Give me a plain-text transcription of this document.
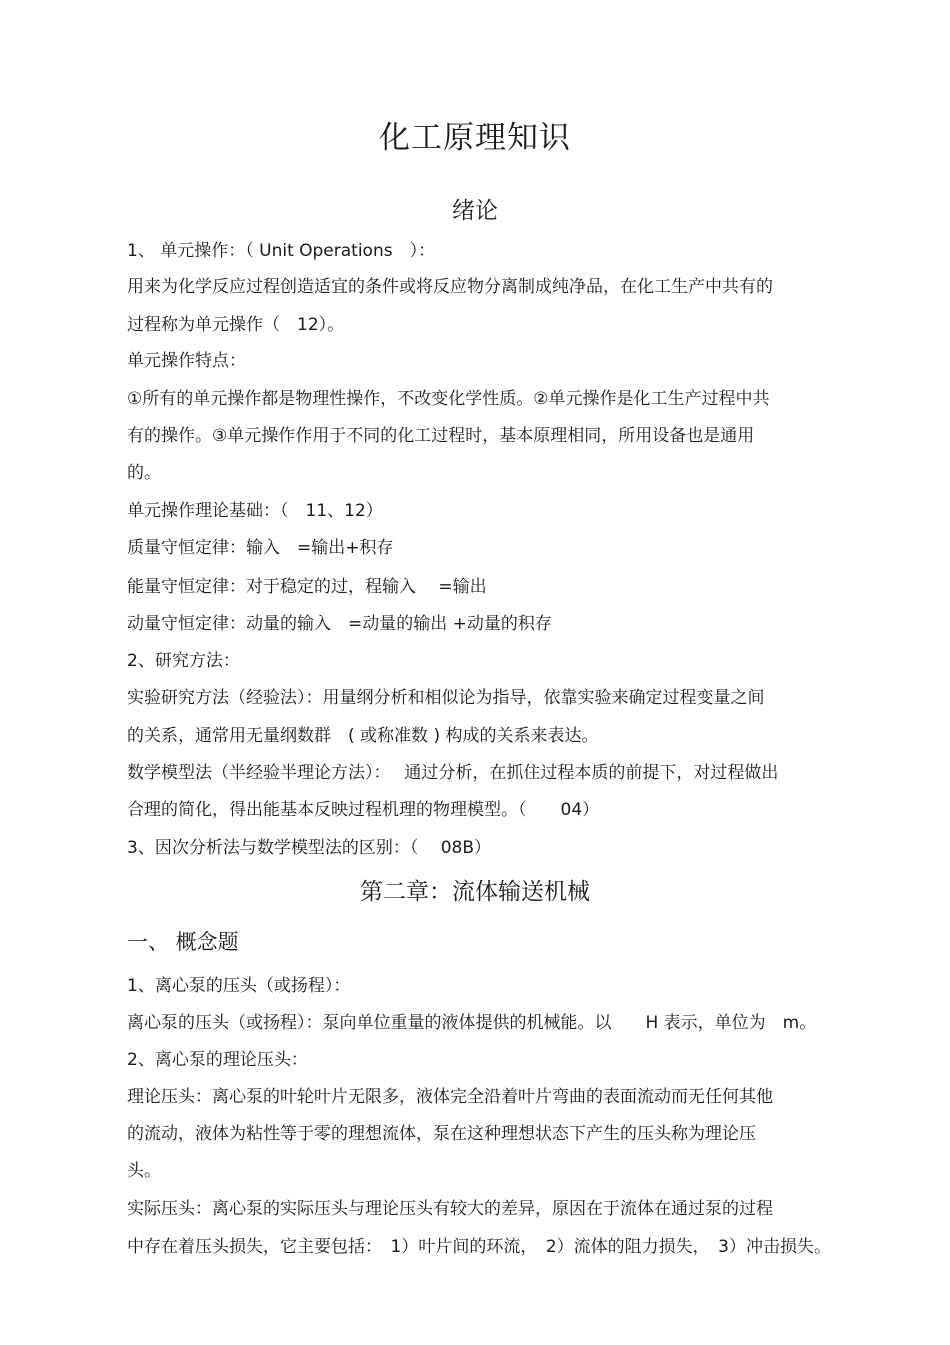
化工原理知识
绪论
1、 单元操作：（ Unit Operations　）：
用来为化学反应过程创造适宜的条件或将反应物分离制成纯净品，在化工生产中共有的
过程称为单元操作（　12）。
单元操作特点：
①所有的单元操作都是物理性操作，不改变化学性质。②单元操作是化工生产过程中共
有的操作。③单元操作作用于不同的化工过程时，基本原理相同，所用设备也是通用
的。
单元操作理论基础：（　11、12）
质量守恒定律：输入　=输出+积存
能量守恒定律：对于稳定的过，程输入　 =输出
动量守恒定律：动量的输入　=动量的输出 +动量的积存
2、研究方法：
实验研究方法（经验法）：用量纲分析和相似论为指导，依靠实验来确定过程变量之间
的关系，通常用无量纲数群　( 或称准数 ) 构成的关系来表达。
数学模型法（半经验半理论方法）：　 通过分析，在抓住过程本质的前提下，对过程做出
合理的简化，得出能基本反映过程机理的物理模型。（　　04）
3、因次分析法与数学模型法的区别：（　 08B）
第二章：流体输送机械
一、 概念题
1、离心泵的压头（或扬程）：
离心泵的压头（或扬程）：泵向单位重量的液体提供的机械能。以　　H 表示，单位为　m。
2、离心泵的理论压头：
理论压头：离心泵的叶轮叶片无限多，液体完全沿着叶片弯曲的表面流动而无任何其他
的流动，液体为粘性等于零的理想流体，泵在这种理想状态下产生的压头称为理论压
头。
实际压头：离心泵的实际压头与理论压头有较大的差异，原因在于流体在通过泵的过程
中存在着压头损失，它主要包括：　1）叶片间的环流，　2）流体的阻力损失，　3）冲击损失。
